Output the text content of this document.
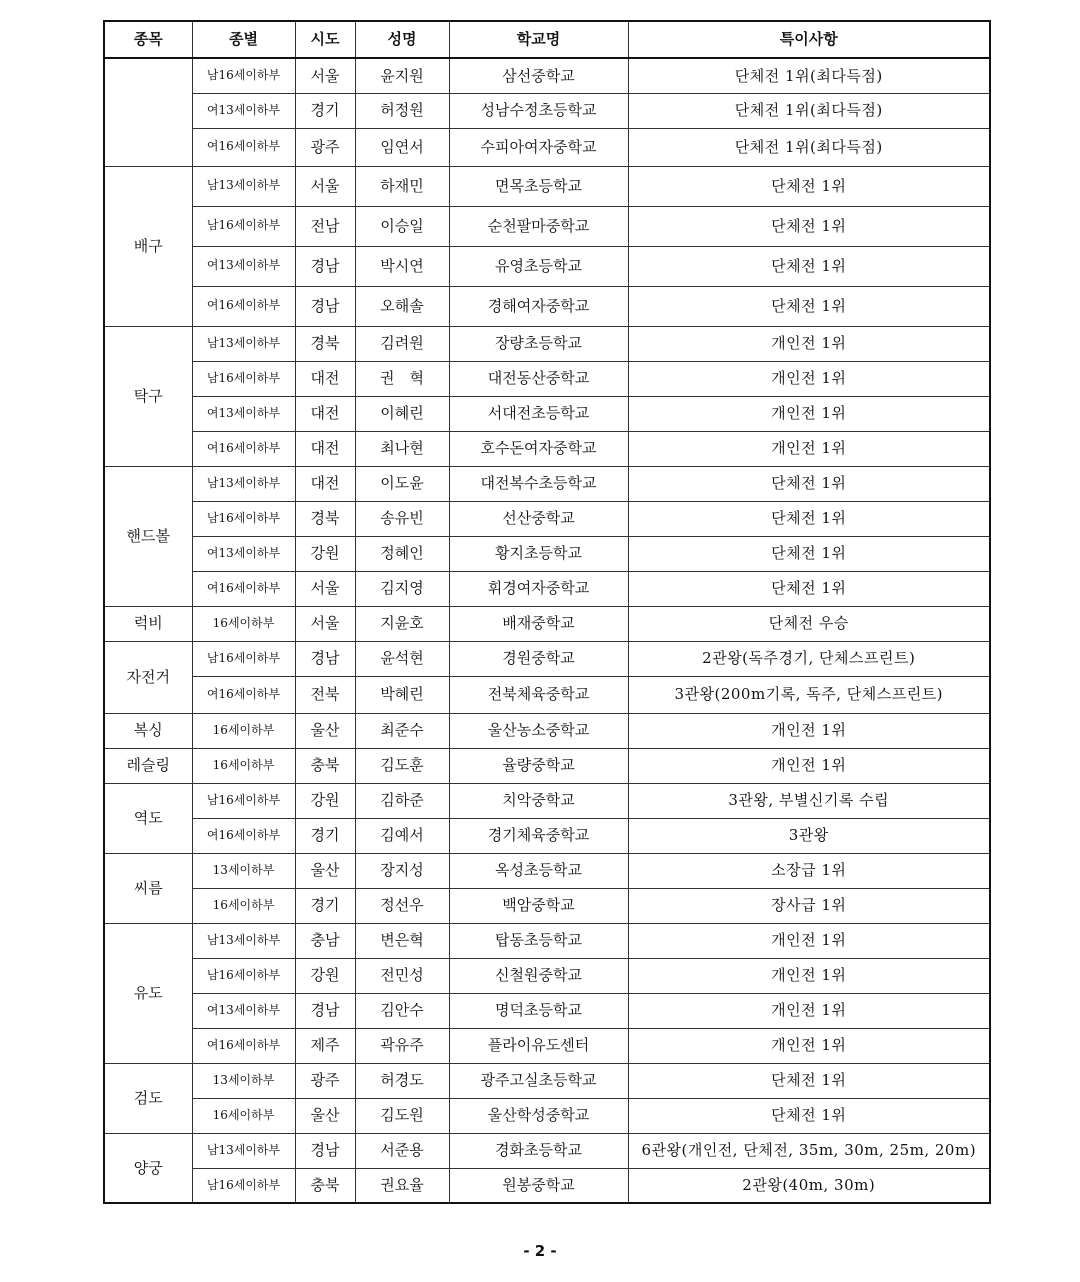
종목	종별	시도	성명	학교명	특이사항
	남16세이하부	서울	윤지원	삼선중학교	단체전 1위(최다득점)
	여13세이하부	경기	허정원	성남수정초등학교	단체전 1위(최다득점)
	여16세이하부	광주	임연서	수피아여자중학교	단체전 1위(최다득점)
배구	남13세이하부	서울	하재민	면목초등학교	단체전 1위
	남16세이하부	전남	이승일	순천팔마중학교	단체전 1위
	여13세이하부	경남	박시연	유영초등학교	단체전 1위
	여16세이하부	경남	오해솔	경해여자중학교	단체전 1위
탁구	남13세이하부	경북	김려원	장량초등학교	개인전 1위
	남16세이하부	대전	권　혁	대전동산중학교	개인전 1위
	여13세이하부	대전	이혜린	서대전초등학교	개인전 1위
	여16세이하부	대전	최나현	호수돈여자중학교	개인전 1위
핸드볼	남13세이하부	대전	이도윤	대전복수초등학교	단체전 1위
	남16세이하부	경북	송유빈	선산중학교	단체전 1위
	여13세이하부	강원	정혜인	황지초등학교	단체전 1위
	여16세이하부	서울	김지영	휘경여자중학교	단체전 1위
럭비	16세이하부	서울	지윤호	배재중학교	단체전 우승
자전거	남16세이하부	경남	윤석현	경원중학교	2관왕(독주경기, 단체스프린트)
	여16세이하부	전북	박혜린	전북체육중학교	3관왕(200m기록, 독주, 단체스프린트)
복싱	16세이하부	울산	최준수	울산농소중학교	개인전 1위
레슬링	16세이하부	충북	김도훈	율량중학교	개인전 1위
역도	남16세이하부	강원	김하준	치악중학교	3관왕, 부별신기록 수립
	여16세이하부	경기	김예서	경기체육중학교	3관왕
씨름	13세이하부	울산	장지성	옥성초등학교	소장급 1위
	16세이하부	경기	정선우	백암중학교	장사급 1위
유도	남13세이하부	충남	변은혁	탑동초등학교	개인전 1위
	남16세이하부	강원	전민성	신철원중학교	개인전 1위
	여13세이하부	경남	김안수	명덕초등학교	개인전 1위
	여16세이하부	제주	곽유주	플라이유도센터	개인전 1위
검도	13세이하부	광주	허경도	광주고실초등학교	단체전 1위
	16세이하부	울산	김도원	울산학성중학교	단체전 1위
양궁	남13세이하부	경남	서준용	경화초등학교	6관왕(개인전, 단체전, 35m, 30m, 25m, 20m)
	남16세이하부	충북	권요율	원봉중학교	2관왕(40m, 30m)
- 2 -
